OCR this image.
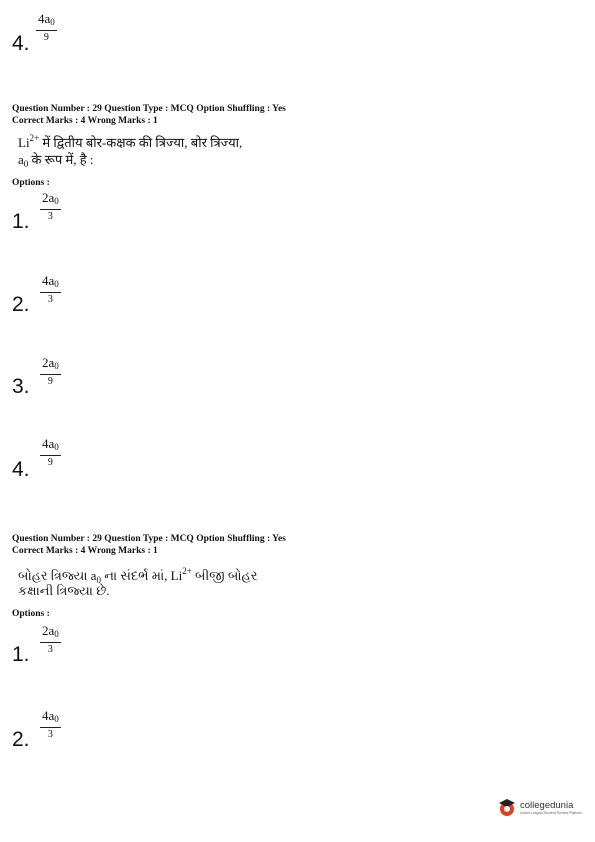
4.
$4a_0$
9
Question Number : 29 Question Type : MCQ Option Shuffling : Yes
Correct Marks : 4 Wrong Marks : 1
$Li^{2+}$ में द्वितीय बोर-कक्षक की त्रिज्या, बोर त्रिज्या,
$a_0$ के रूप में, है :
Options :
1.
$2a_0$
3
2.
$4a_0$
3
3.
$2a_0$
9
4.
$4a_0$
9
Question Number : 29 Question Type : MCQ Option Shuffling : Yes
Correct Marks : 4 Wrong Marks : 1
બોહર ત્રિજ્યા $a_0$ ના સંદર્ભ માં, $Li^{2+}$ બીજી બોહર
કક્ષાની ત્રિજ્યા છે.
Options :
1.
$2a_0$
3
2.
$4a_0$
3
collegedunia
India's Largest Student Review Platform
